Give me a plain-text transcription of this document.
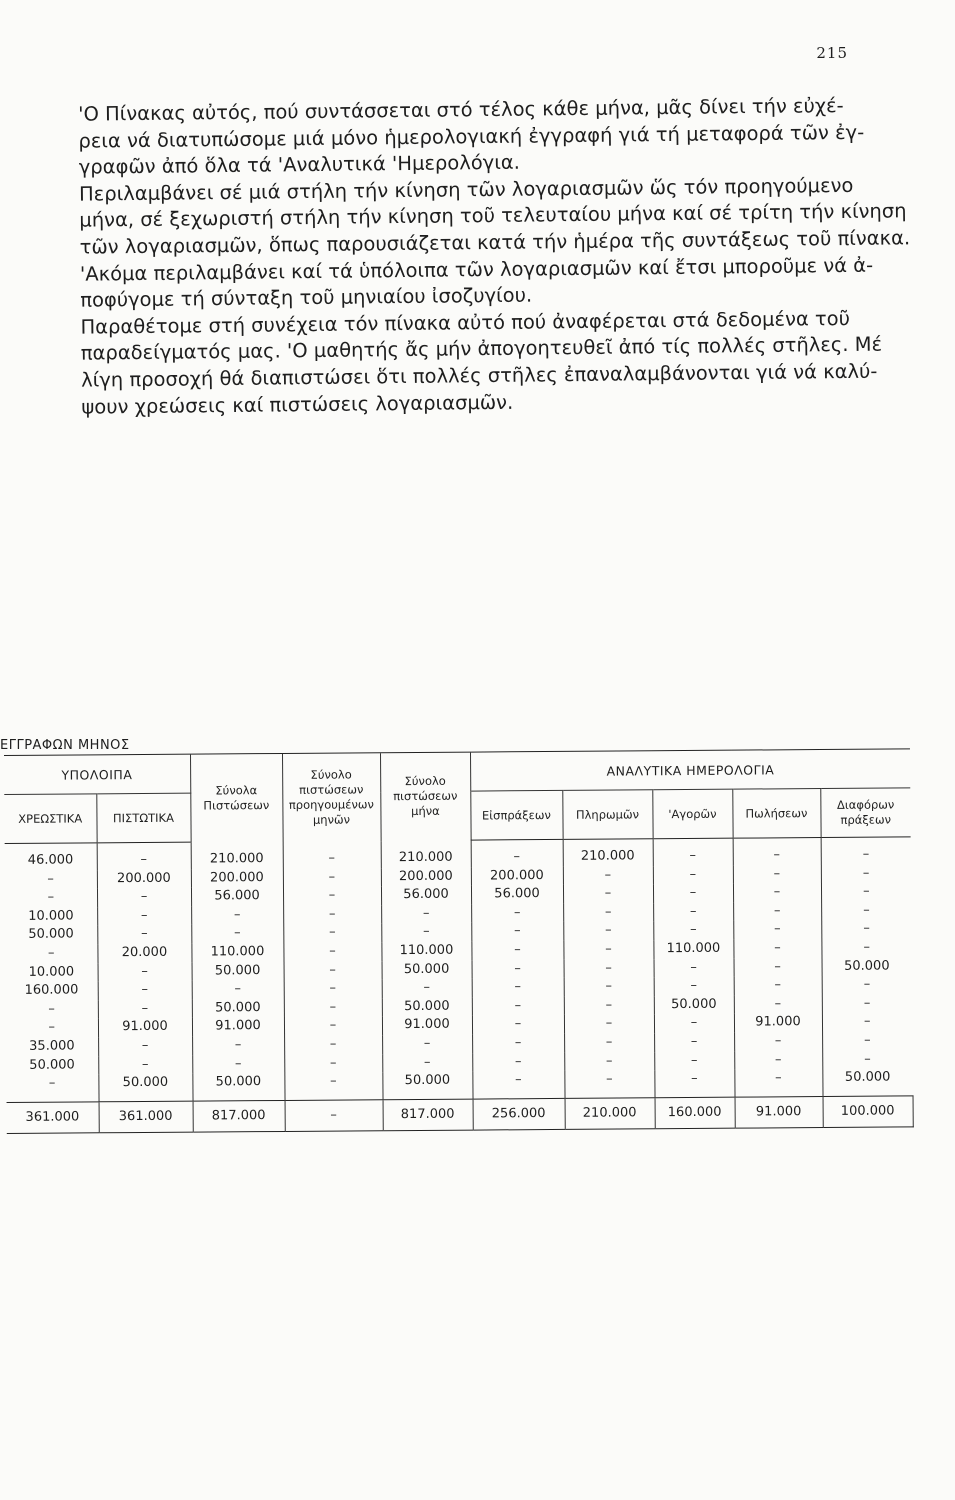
215

'Ο Πίνακας αὐτός, πού συντάσσεται στό τέλος κάθε μήνα, μᾶς δίνει τήν εὐχέ-
ρεια νά διατυπώσομε μιά μόνο ἡμερολογιακή ἐγγραφή γιά τή μεταφορά τῶν ἐγ-
γραφῶν ἀπό ὅλα τά 'Αναλυτικά 'Ημερολόγια.

Περιλαμβάνει σέ μιά στήλη τήν κίνηση τῶν λογαριασμῶν ὥς τόν προηγούμενο
μήνα, σέ ξεχωριστή στήλη τήν κίνηση τοῦ τελευταίου μήνα καί σέ τρίτη τήν κίνηση
τῶν λογαριασμῶν, ὅπως παρουσιάζεται κατά τήν ἡμέρα τῆς συντάξεως τοῦ πίνακα.
'Ακόμα περιλαμβάνει καί τά ὑπόλοιπα τῶν λογαριασμῶν καί ἔτσι μποροῦμε νά ἀ-
ποφύγομε τή σύνταξη τοῦ μηνιαίου ἰσοζυγίου.

Παραθέτομε στή συνέχεια τόν πίνακα αὐτό πού ἀναφέρεται στά δεδομένα τοῦ
παραδείγματός μας. 'Ο μαθητής ἄς μήν ἀπογοητευθεῖ ἀπό τίς πολλές στῆλες. Μέ
λίγη προσοχή θά διαπιστώσει ὅτι πολλές στῆλες ἐπαναλαμβάνονται γιά νά καλύ-
ψουν χρεώσεις καί πιστώσεις λογαριασμῶν.

ΕΓΓΡΑΦΩΝ ΜΗΝΟΣ
ΥΠΟΛΟΙΠΑ		Σύνολα Πιστώσεων	Σύνολο πιστώσεων προηγουμένων μηνῶν	Σύνολο πιστώσεων μήνα	ΑΝΑΛΥΤΙΚΑ ΗΜΕΡΟΛΟΓΙΑ				
ΧΡΕΩΣΤΙΚΑ	ΠΙΣΤΩΤΙΚΑ				Εἰσπράξεων	Πληρωμῶν	'Αγορῶν	Πωλήσεων	Διαφόρων πράξεων
46.000	–	210.000	–	210.000	–	210.000	–	–	–
–	200.000	200.000	–	200.000	200.000	–	–	–	–
–	–	56.000	–	56.000	56.000	–	–	–	–
10.000	–	–	–	–	–	–	–	–	–
50.000	–	–	–	–	–	–	–	–	–
–	20.000	110.000	–	110.000	–	–	110.000	–	–
10.000	–	50.000	–	50.000	–	–	–	–	50.000
160.000	–	–	–	–	–	–	–	–	–
–	–	50.000	–	50.000	–	–	50.000	–	–
–	91.000	91.000	–	91.000	–	–	–	91.000	–
35.000	–	–	–	–	–	–	–	–	–
50.000	–	–	–	–	–	–	–	–	–
–	50.000	50.000	–	50.000	–	–	–	–	50.000
361.000	361.000	817.000	–	817.000	256.000	210.000	160.000	91.000	100.000
